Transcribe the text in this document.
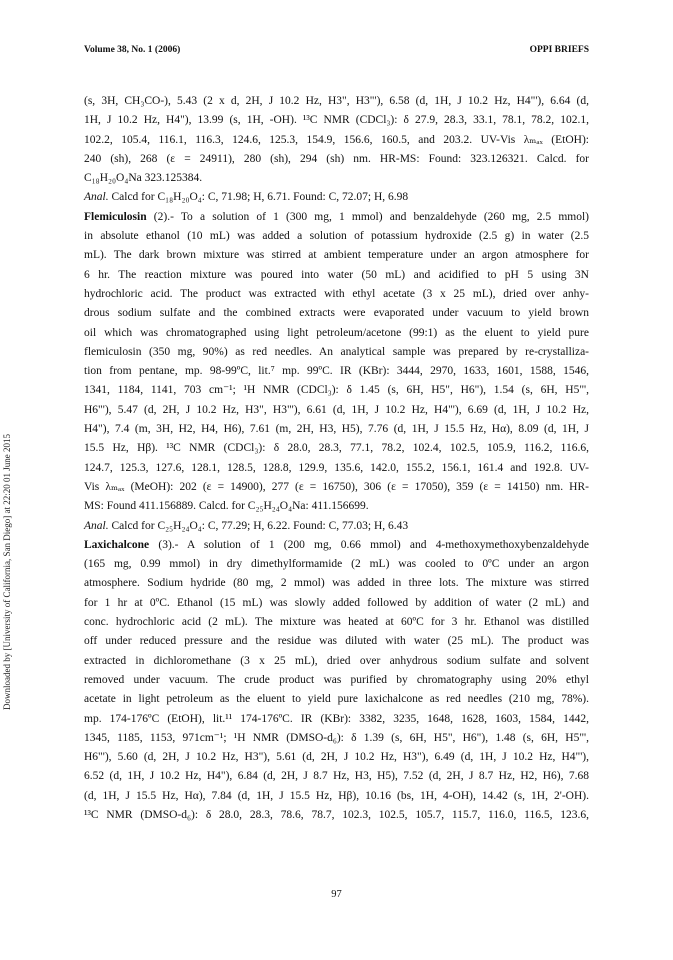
Volume 38, No. 1 (2006)	OPPI BRIEFS
Downloaded by [University of California, San Diego] at 22:20 01 June 2015

(s, 3H, CH₃CO-), 5.43 (2 x d, 2H, J 10.2 Hz, H3", H3"'), 6.58 (d, 1H, J 10.2 Hz, H4"'), 6.64 (d,
1H, J 10.2 Hz, H4"), 13.99 (s, 1H, -OH). ¹³C NMR (CDCl₃): δ 27.9, 28.3, 33.1, 78.1, 78.2, 102.1,
102.2, 105.4, 116.1, 116.3, 124.6, 125.3, 154.9, 156.6, 160.5, and 203.2. UV-Vis λₘₐₓ (EtOH):
240 (sh), 268 (ε = 24911), 280 (sh), 294 (sh) nm. HR-MS: Found: 323.126321. Calcd. for
C₁₈H₂₀O₄Na 323.125384.
Anal. Calcd for C₁₈H₂₀O₄: C, 71.98; H, 6.71. Found: C, 72.07; H, 6.98

Flemiculosin (2).- To a solution of 1 (300 mg, 1 mmol) and benzaldehyde (260 mg, 2.5 mmol)
in absolute ethanol (10 mL) was added a solution of potassium hydroxide (2.5 g) in water (2.5
mL). The dark brown mixture was stirred at ambient temperature under an argon atmosphere for
6 hr. The reaction mixture was poured into water (50 mL) and acidified to pH 5 using 3N
hydrochloric acid. The product was extracted with ethyl acetate (3 x 25 mL), dried over anhy-
drous sodium sulfate and the combined extracts were evaporated under vacuum to yield brown
oil which was chromatographed using light petroleum/acetone (99:1) as the eluent to yield pure
flemiculosin (350 mg, 90%) as red needles. An analytical sample was prepared by re-crystalliza-
tion from pentane, mp. 98-99ºC, lit.⁷ mp. 99ºC. IR (KBr): 3444, 2970, 1633, 1601, 1588, 1546,
1341, 1184, 1141, 703 cm⁻¹; ¹H NMR (CDCl₃): δ 1.45 (s, 6H, H5", H6"), 1.54 (s, 6H, H5"',
H6"'), 5.47 (d, 2H, J 10.2 Hz, H3", H3"'), 6.61 (d, 1H, J 10.2 Hz, H4"'), 6.69 (d, 1H, J 10.2 Hz,
H4"), 7.4 (m, 3H, H2, H4, H6), 7.61 (m, 2H, H3, H5), 7.76 (d, 1H, J 15.5 Hz, Hα), 8.09 (d, 1H, J
15.5 Hz, Hβ). ¹³C NMR (CDCl₃): δ 28.0, 28.3, 77.1, 78.2, 102.4, 102.5, 105.9, 116.2, 116.6,
124.7, 125.3, 127.6, 128.1, 128.5, 128.8, 129.9, 135.6, 142.0, 155.2, 156.1, 161.4 and 192.8. UV-
Vis λₘₐₓ (MeOH): 202 (ε = 14900), 277 (ε = 16750), 306 (ε = 17050), 359 (ε = 14150) nm. HR-
MS: Found 411.156889. Calcd. for C₂₅H₂₄O₄Na: 411.156699.
Anal. Calcd for C₂₅H₂₄O₄: C, 77.29; H, 6.22. Found: C, 77.03; H, 6.43

Laxichalcone (3).- A solution of 1 (200 mg, 0.66 mmol) and 4-methoxymethoxybenzaldehyde
(165 mg, 0.99 mmol) in dry dimethylformamide (2 mL) was cooled to 0ºC under an argon
atmosphere. Sodium hydride (80 mg, 2 mmol) was added in three lots. The mixture was stirred
for 1 hr at 0ºC. Ethanol (15 mL) was slowly added followed by addition of water (2 mL) and
conc. hydrochloric acid (2 mL). The mixture was heated at 60ºC for 3 hr. Ethanol was distilled
off under reduced pressure and the residue was diluted with water (25 mL). The product was
extracted in dichloromethane (3 x 25 mL), dried over anhydrous sodium sulfate and solvent
removed under vacuum. The crude product was purified by chromatography using 20% ethyl
acetate in light petroleum as the eluent to yield pure laxichalcone as red needles (210 mg, 78%).
mp. 174-176ºC (EtOH), lit.¹¹ 174-176ºC. IR (KBr): 3382, 3235, 1648, 1628, 1603, 1584, 1442,
1345, 1185, 1153, 971cm⁻¹; ¹H NMR (DMSO-d₆): δ 1.39 (s, 6H, H5", H6"), 1.48 (s, 6H, H5"',
H6"'), 5.60 (d, 2H, J 10.2 Hz, H3"), 5.61 (d, 2H, J 10.2 Hz, H3"), 6.49 (d, 1H, J 10.2 Hz, H4"'),
6.52 (d, 1H, J 10.2 Hz, H4"), 6.84 (d, 2H, J 8.7 Hz, H3, H5), 7.52 (d, 2H, J 8.7 Hz, H2, H6), 7.68
(d, 1H, J 15.5 Hz, Hα), 7.84 (d, 1H, J 15.5 Hz, Hβ), 10.16 (bs, 1H, 4-OH), 14.42 (s, 1H, 2'-OH).
¹³C NMR (DMSO-d₆): δ 28.0, 28.3, 78.6, 78.7, 102.3, 102.5, 105.7, 115.7, 116.0, 116.5, 123.6,

97
